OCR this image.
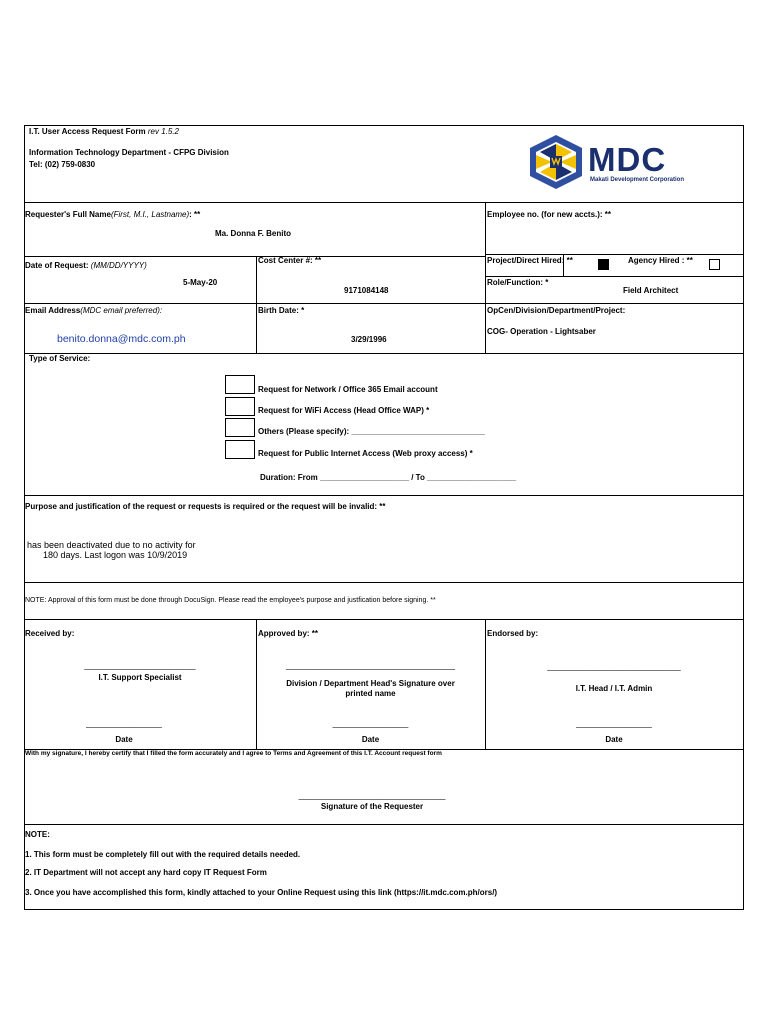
I.T. User Access Request Form rev 1.5.2
Information Technology Department - CFPG Division
Tel: (02) 759-0830	MDC
Makati Development Corporation
Requester's Full Name(First, M.I., Lastname): **
Ma. Donna F. Benito
Employee no. (for new accts.): **
Date of Request: (MM/DD/YYYY)
5-May-20
Cost Center #: **
9171084148
Project/Direct Hired: **	Agency Hired : **
Role/Function: *
Field Architect
Email Address(MDC email preferred):
benito.donna@mdc.com.ph
Birth Date: *
3/29/1996
OpCen/Division/Department/Project:
COG- Operation - Lightsaber
Type of Service:
Request for Network / Office 365 Email account
Request for WiFi Access (Head Office WAP) *
Others (Please specify): ______________________________
Request for Public Internet Access (Web proxy access) *
Duration: From ____________________ / To ____________________
Purpose and justification of the request or requests is required or the request will be invalid: **
has been deactivated due to no activity for
180 days. Last logon was 10/9/2019
NOTE: Approval of this form must be done through DocuSign. Please read the employee's purpose and justfication before signing. **
Received by:
_________________________
I.T. Support Specialist
_________________
Date
Approved by: **
______________________________________
Division / Department Head's Signature over printed name
_________________
Date
Endorsed by:
______________________________
I.T. Head / I.T. Admin
_________________
Date
With my signature, I hereby certify that I filled the form accurately and I agree to Terms and Agreement of this I.T. Account request form
_________________________________
Signature of the Requester
NOTE:
1. This form must be completely fill out with the required details needed.
2. IT Department will not accept any hard copy IT Request Form
3. Once you have accomplished this form, kindly attached to your Online Request using this link (https://it.mdc.com.ph/ors/)
